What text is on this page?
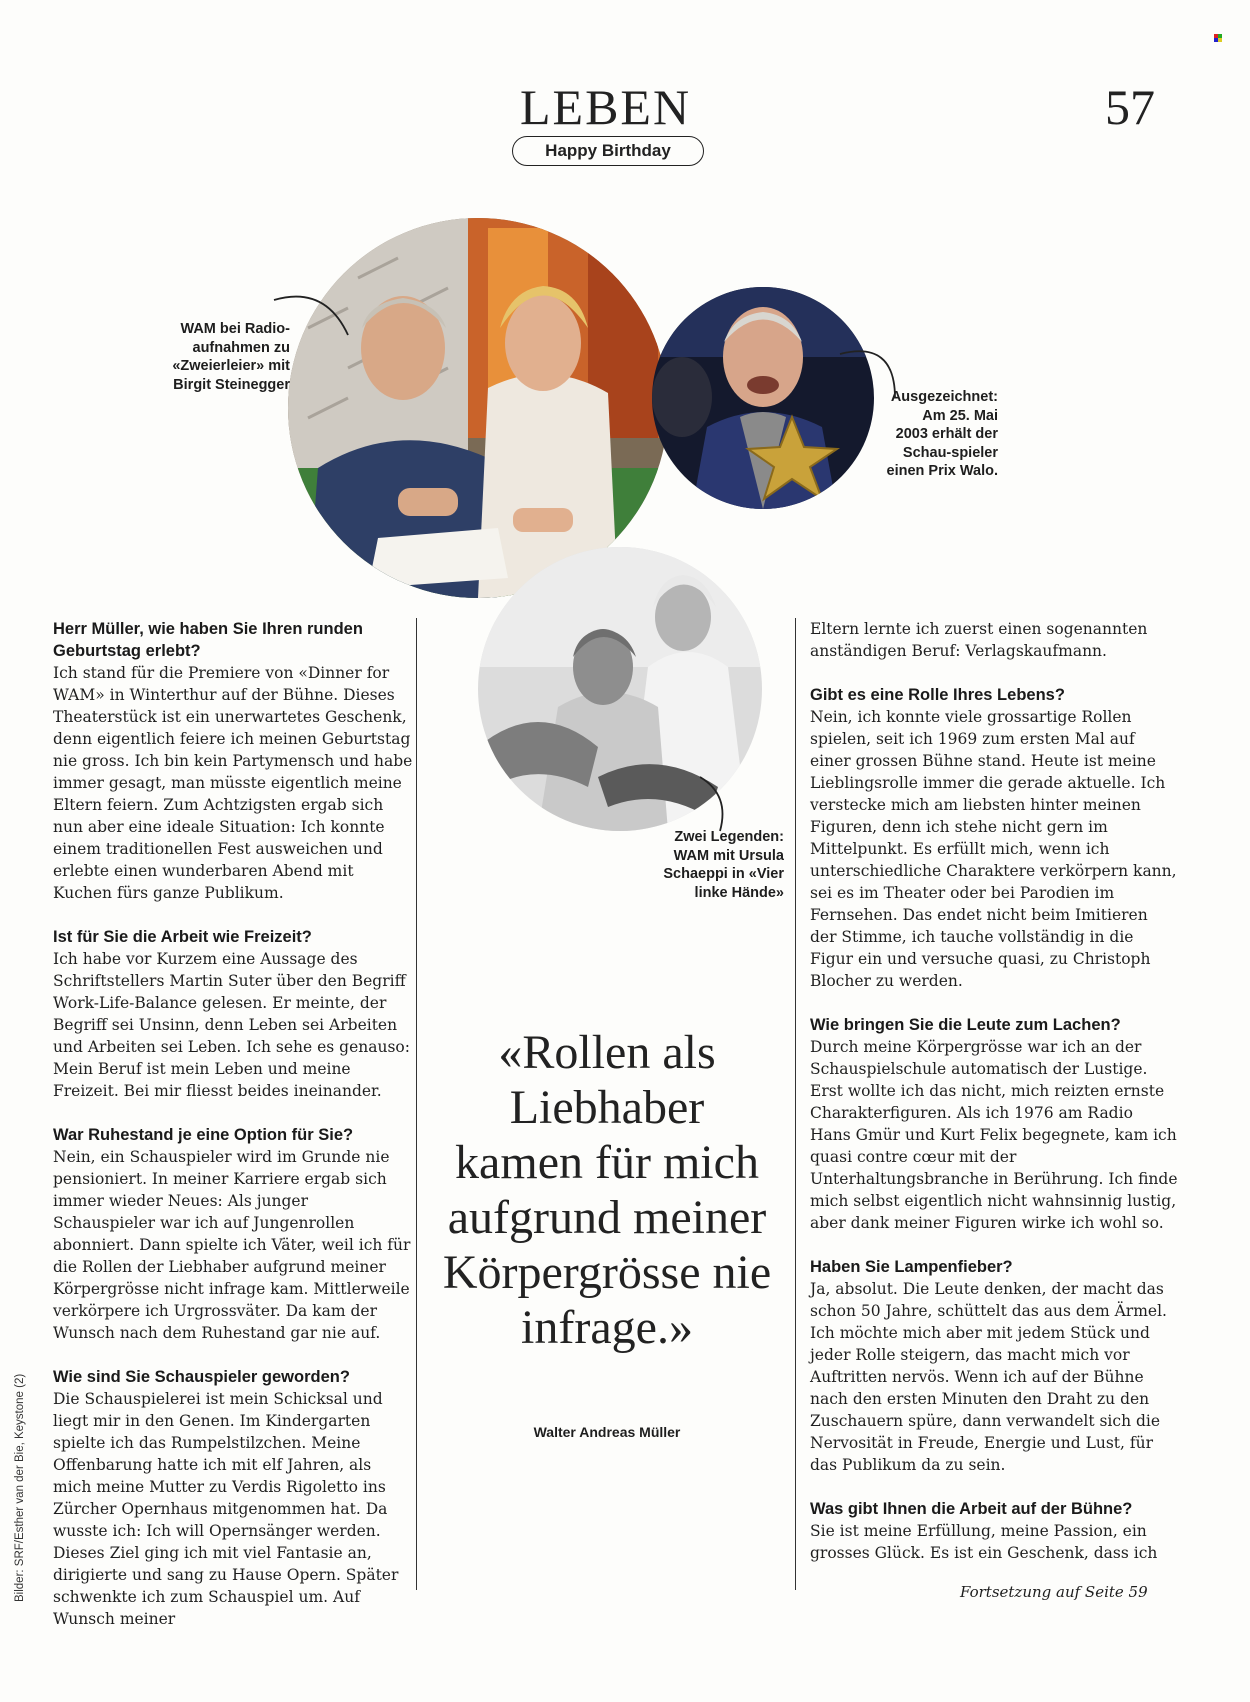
LEBEN
Happy Birthday
57
WAM bei Radio-aufnahmen zu «Zweierleier» mit Birgit Steinegger
Ausgezeichnet: Am 25. Mai 2003 erhält der Schau-spieler einen Prix Walo.
Zwei Legenden: WAM mit Ursula Schaeppi in «Vier linke Hände»
Herr Müller, wie haben Sie Ihren runden Geburtstag erlebt?

Ich stand für die Premiere von «Dinner for WAM» in Winterthur auf der Bühne. Dieses Theaterstück ist ein unerwartetes Geschenk, denn eigentlich feiere ich meinen Geburtstag nie gross. Ich bin kein Partymensch und habe immer gesagt, man müsste eigentlich meine Eltern feiern. Zum Achtzigsten ergab sich nun aber eine ideale Situation: Ich konnte einem traditionellen Fest ausweichen und erlebte einen wunderbaren Abend mit Kuchen fürs ganze Publikum.

Ist für Sie die Arbeit wie Freizeit?

Ich habe vor Kurzem eine Aussage des Schriftstellers Martin Suter über den Begriff Work-Life-Balance gelesen. Er meinte, der Begriff sei Unsinn, denn Leben sei Arbeiten und Arbeiten sei Leben. Ich sehe es genauso: Mein Beruf ist mein Leben und meine Freizeit. Bei mir fliesst beides ineinander.

War Ruhestand je eine Option für Sie?

Nein, ein Schauspieler wird im Grunde nie pensioniert. In meiner Karriere ergab sich immer wieder Neues: Als junger Schauspieler war ich auf Jungenrollen abonniert. Dann spielte ich Väter, weil ich für die Rollen der Liebhaber aufgrund meiner Körpergrösse nicht infrage kam. Mittlerweile verkörpere ich Urgrossväter. Da kam der Wunsch nach dem Ruhestand gar nie auf.

Wie sind Sie Schauspieler geworden?

Die Schauspielerei ist mein Schicksal und liegt mir in den Genen. Im Kindergarten spielte ich das Rumpelstilzchen. Meine Offenbarung hatte ich mit elf Jahren, als mich meine Mutter zu Verdis Rigoletto ins Zürcher Opernhaus mitgenommen hat. Da wusste ich: Ich will Opernsänger werden. Dieses Ziel ging ich mit viel Fantasie an, dirigierte und sang zu Hause Opern. Später schwenkte ich zum Schauspiel um. Auf Wunsch meiner

«Rollen als Liebhaber kamen für mich aufgrund meiner Körpergrösse nie infrage.»
Walter Andreas Müller

Eltern lernte ich zuerst einen sogenannten anständigen Beruf: Verlagskaufmann.

Gibt es eine Rolle Ihres Lebens?

Nein, ich konnte viele grossartige Rollen spielen, seit ich 1969 zum ersten Mal auf einer grossen Bühne stand. Heute ist meine Lieblingsrolle immer die gerade aktuelle. Ich verstecke mich am liebsten hinter meinen Figuren, denn ich stehe nicht gern im Mittelpunkt. Es erfüllt mich, wenn ich unterschiedliche Charaktere verkörpern kann, sei es im Theater oder bei Parodien im Fernsehen. Das endet nicht beim Imitieren der Stimme, ich tauche vollständig in die Figur ein und versuche quasi, zu Christoph Blocher zu werden.

Wie bringen Sie die Leute zum Lachen?

Durch meine Körpergrösse war ich an der Schauspielschule automatisch der Lustige. Erst wollte ich das nicht, mich reizten ernste Charakterfiguren. Als ich 1976 am Radio Hans Gmür und Kurt Felix begegnete, kam ich quasi contre cœur mit der Unterhaltungsbranche in Berührung. Ich finde mich selbst eigentlich nicht wahnsinnig lustig, aber dank meiner Figuren wirke ich wohl so.

Haben Sie Lampenfieber?

Ja, absolut. Die Leute denken, der macht das schon 50 Jahre, schüttelt das aus dem Ärmel. Ich möchte mich aber mit jedem Stück und jeder Rolle steigern, das macht mich vor Auftritten nervös. Wenn ich auf der Bühne nach den ersten Minuten den Draht zu den Zuschauern spüre, dann verwandelt sich die Nervosität in Freude, Energie und Lust, für das Publikum da zu sein.

Was gibt Ihnen die Arbeit auf der Bühne?

Sie ist meine Erfüllung, meine Passion, ein grosses Glück. Es ist ein Geschenk, dass ich

Fortsetzung auf Seite 59
Bilder: SRF/Esther van der Bie, Keystone (2)
